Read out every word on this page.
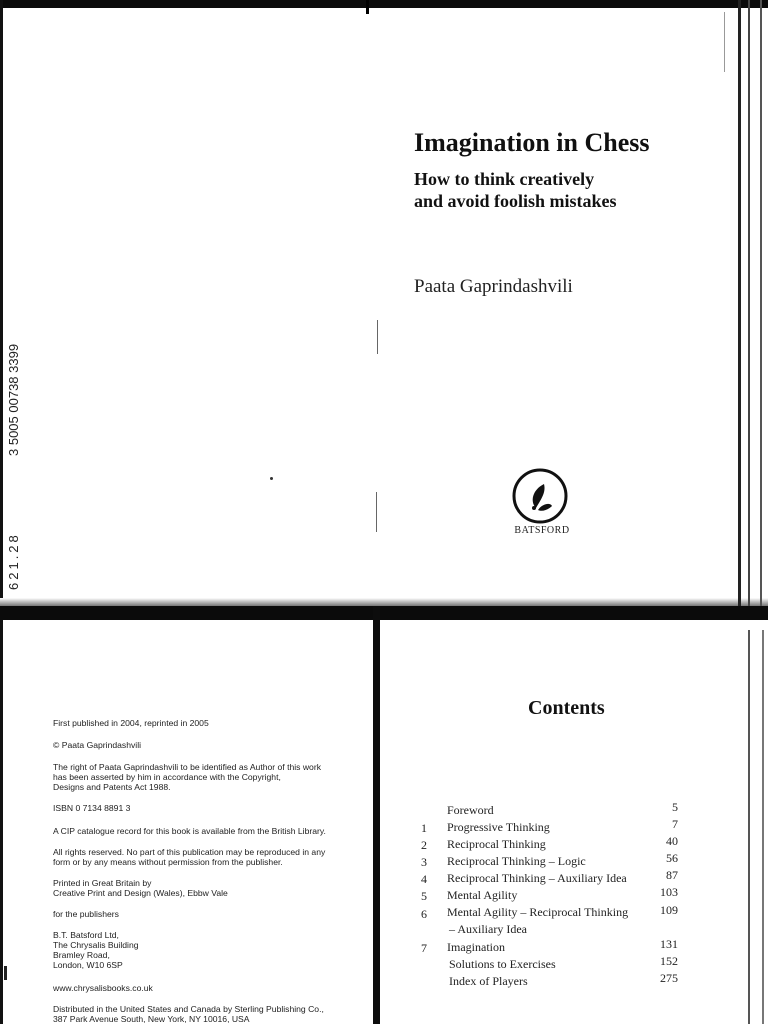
3 5005 00738 3399
621.28
Imagination in Chess
How to think creatively
and avoid foolish mistakes
Paata Gaprindashvili
BATSFORD
First published in 2004, reprinted in 2005
© Paata Gaprindashvili
The right of Paata Gaprindashvili to be identified as Author of this work
has been asserted by him in accordance with the Copyright,
Designs and Patents Act 1988.
ISBN 0 7134 8891 3
A CIP catalogue record for this book is available from the British Library.
All rights reserved. No part of this publication may be reproduced in any
form or by any means without permission from the publisher.
Printed in Great Britain by
Creative Print and Design (Wales), Ebbw Vale
for the publishers
B.T. Batsford Ltd,
The Chrysalis Building
Bramley Road,
London, W10 6SP
www.chrysalisbooks.co.uk
Distributed in the United States and Canada by Sterling Publishing Co.,
387 Park Avenue South, New York, NY 10016, USA
Contents
Foreword	5
1 Progressive Thinking	7
2 Reciprocal Thinking	40
3 Reciprocal Thinking – Logic	56
4 Reciprocal Thinking – Auxiliary Idea	87
5 Mental Agility	103
6 Mental Agility – Reciprocal Thinking	109
– Auxiliary Idea
7 Imagination	131
Solutions to Exercises	152
Index of Players	275
